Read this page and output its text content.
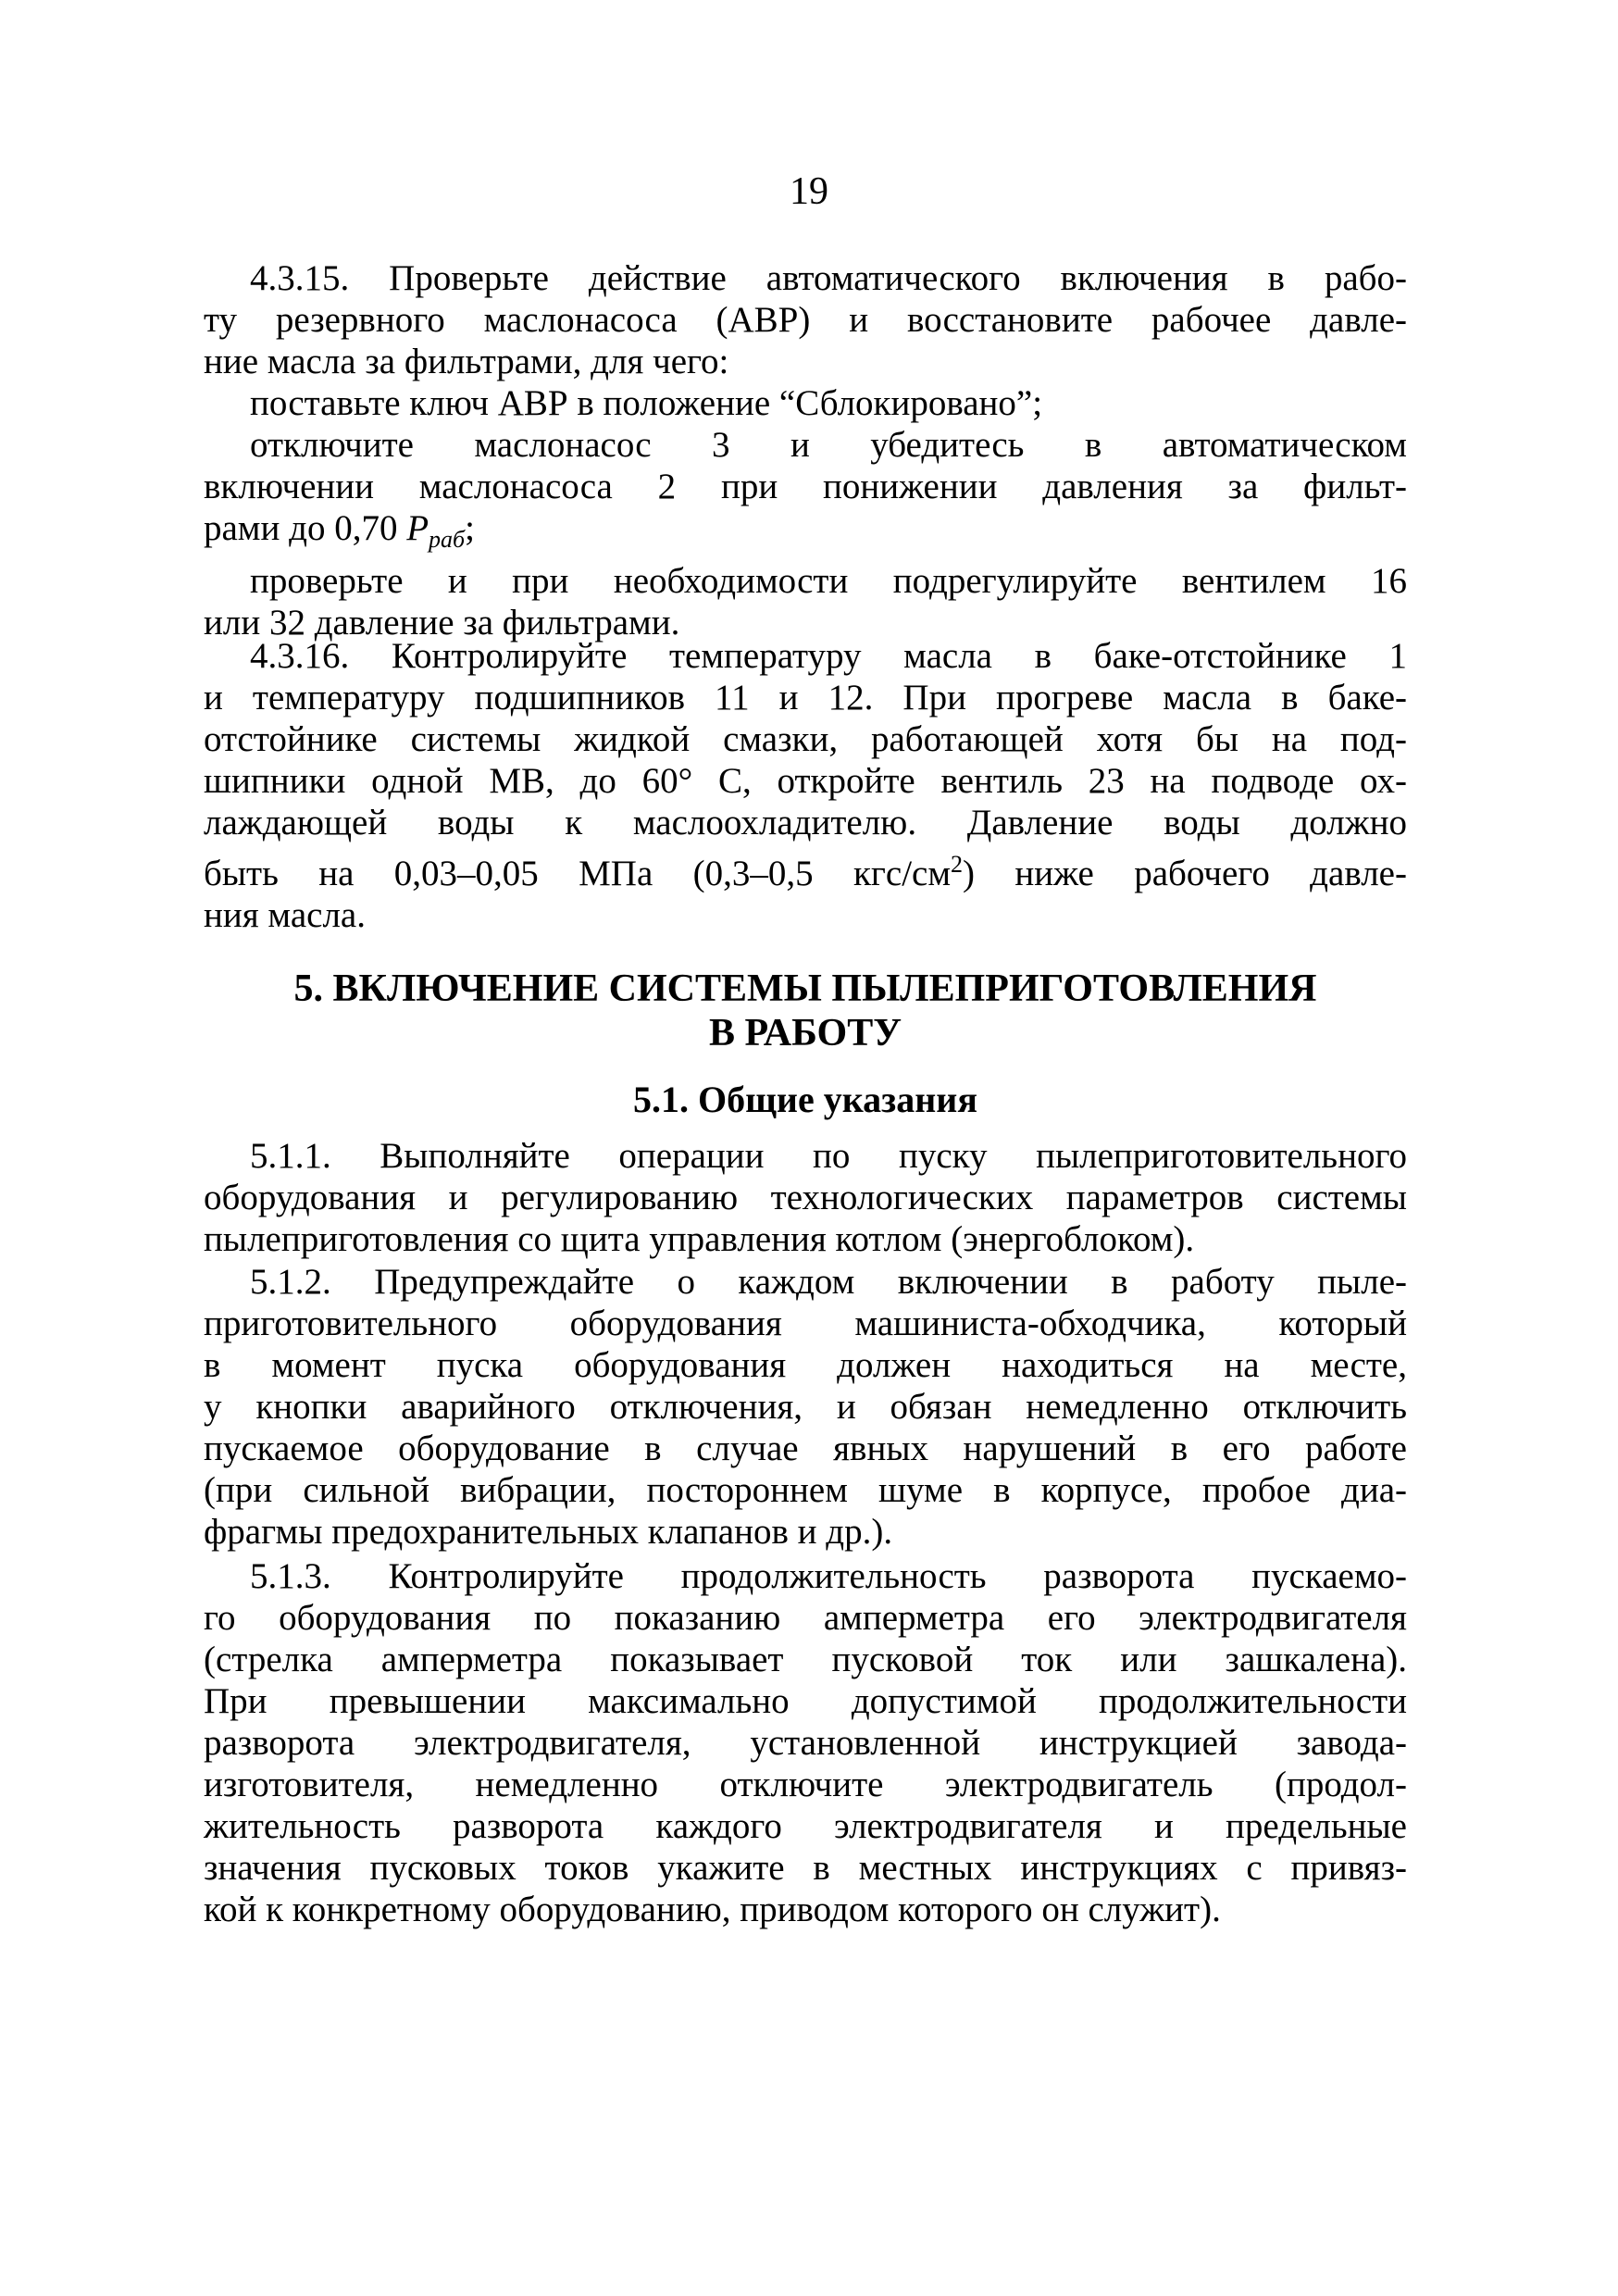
19
4.3.15. Проверьте действие автоматического включения в рабо-
ту резервного маслонасоса (АВР) и восстановите рабочее давле-
ние масла за фильтрами, для чего:
поставьте ключ АВР в положение “Сблокировано”;
отключите маслонасос 3 и убедитесь в автоматическом
включении маслонасоса 2 при понижении давления за фильт-
рами до 0,70 $P_{раб}$;
проверьте и при необходимости подрегулируйте вентилем 16
или 32 давление за фильтрами.
4.3.16. Контролируйте температуру масла в баке-отстойнике 1
и температуру подшипников 11 и 12. При прогреве масла в баке-
отстойнике системы жидкой смазки, работающей хотя бы на под-
шипники одной МВ, до 60° С, откройте вентиль 23 на подводе ох-
лаждающей воды к маслоохладителю. Давление воды должно
быть на 0,03–0,05 МПа (0,3–0,5 кгс/$см^2$) ниже рабочего давле-
ния масла.
5. ВКЛЮЧЕНИЕ СИСТЕМЫ ПЫЛЕПРИГОТОВЛЕНИЯ
В РАБОТУ
5.1. Общие указания
5.1.1. Выполняйте операции по пуску пылеприготовительного
оборудования и регулированию технологических параметров системы
пылеприготовления со щита управления котлом (энергоблоком).
5.1.2. Предупреждайте о каждом включении в работу пыле-
приготовительного оборудования машиниста-обходчика, который
в момент пуска оборудования должен находиться на месте,
у кнопки аварийного отключения, и обязан немедленно отключить
пускаемое оборудование в случае явных нарушений в его работе
(при сильной вибрации, постороннем шуме в корпусе, пробое диа-
фрагмы предохранительных клапанов и др.).
5.1.3. Контролируйте продолжительность разворота пускаемо-
го оборудования по показанию амперметра его электродвигателя
(стрелка амперметра показывает пусковой ток или зашкалена).
При превышении максимально допустимой продолжительности
разворота электродвигателя, установленной инструкцией завода-
изготовителя, немедленно отключите электродвигатель (продол-
жительность разворота каждого электродвигателя и предельные
значения пусковых токов укажите в местных инструкциях с привяз-
кой к конкретному оборудованию, приводом которого он служит).
